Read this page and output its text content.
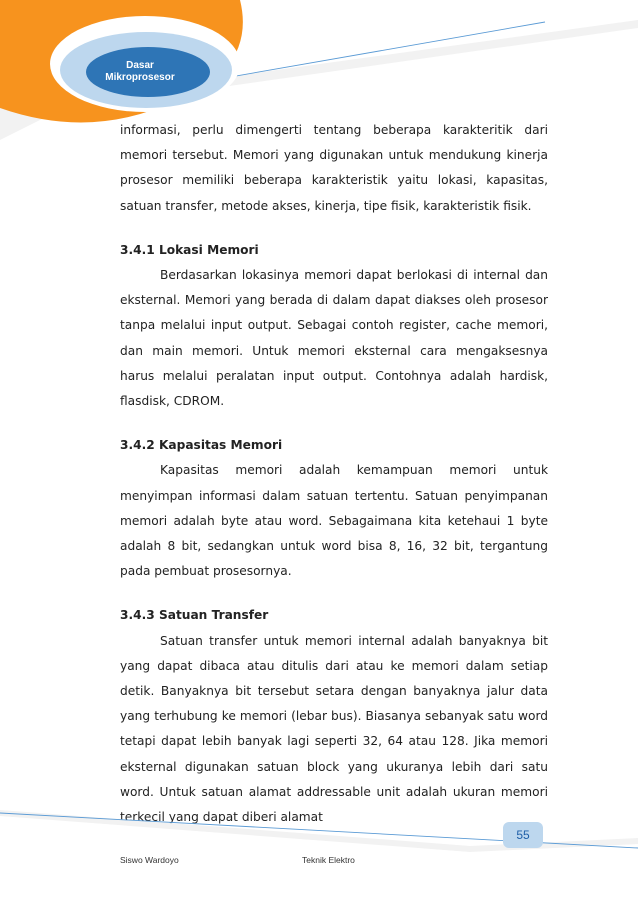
Dasar
Mikroprosesor

informasi, perlu dimengerti tentang beberapa karakteritik dari memori tersebut. Memori yang digunakan untuk mendukung kinerja prosesor memiliki beberapa karakteristik yaitu lokasi, kapasitas, satuan transfer, metode akses, kinerja, tipe fisik, karakteristik fisik.

3.4.1 Lokasi Memori

Berdasarkan lokasinya memori dapat berlokasi di internal dan eksternal. Memori yang berada di dalam dapat diakses oleh prosesor tanpa melalui input output. Sebagai contoh register, cache memori, dan main memori. Untuk memori eksternal cara mengaksesnya harus melalui peralatan input output. Contohnya adalah hardisk, flasdisk, CDROM.

3.4.2 Kapasitas Memori

Kapasitas memori adalah kemampuan memori untuk menyimpan informasi dalam satuan tertentu. Satuan penyimpanan memori adalah byte atau word. Sebagaimana kita ketehaui 1 byte adalah 8 bit, sedangkan untuk word bisa 8, 16, 32 bit, tergantung pada pembuat prosesornya.

3.4.3 Satuan Transfer

Satuan transfer untuk memori internal adalah banyaknya bit yang dapat dibaca atau ditulis dari atau ke memori dalam setiap detik. Banyaknya bit tersebut setara dengan banyaknya jalur data yang terhubung ke memori (lebar bus). Biasanya sebanyak satu word tetapi dapat lebih banyak lagi seperti 32, 64 atau 128. Jika memori eksternal digunakan satuan block yang ukuranya lebih dari satu word. Untuk satuan alamat addressable unit adalah ukuran memori terkecil yang dapat diberi alamat

55
Siswo Wardoyo	Teknik Elektro
